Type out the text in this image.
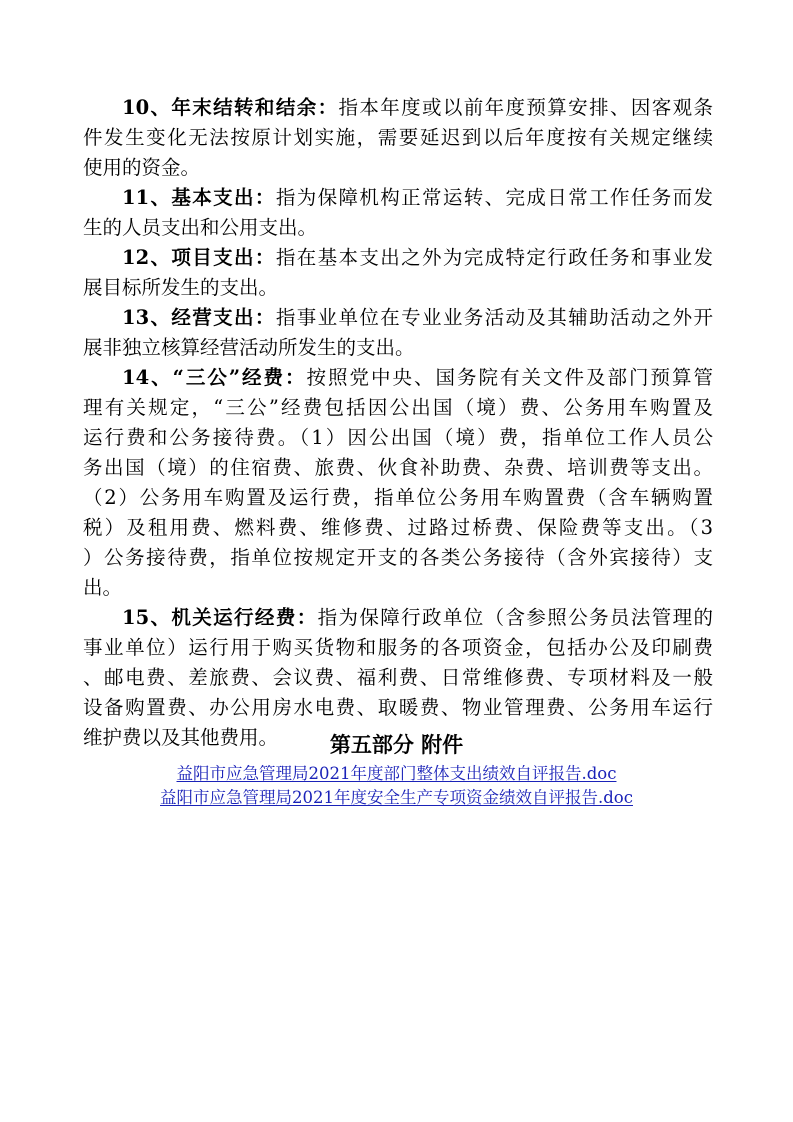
10、年末结转和结余：指本年度或以前年度预算安排、因客观条
件发生变化无法按原计划实施，需要延迟到以后年度按有关规定继续
使用的资金。
11、基本支出：指为保障机构正常运转、完成日常工作任务而发
生的人员支出和公用支出。
12、项目支出：指在基本支出之外为完成特定行政任务和事业发
展目标所发生的支出。
13、经营支出：指事业单位在专业业务活动及其辅助活动之外开
展非独立核算经营活动所发生的支出。
14、“三公”经费：按照党中央、国务院有关文件及部门预算管
理有关规定，“三公”经费包括因公出国（境）费、公务用车购置及
运行费和公务接待费。（1）因公出国（境）费，指单位工作人员公
务出国（境）的住宿费、旅费、伙食补助费、杂费、培训费等支出。
（2）公务用车购置及运行费，指单位公务用车购置费（含车辆购置
税）及租用费、燃料费、维修费、过路过桥费、保险费等支出。（3
）公务接待费，指单位按规定开支的各类公务接待（含外宾接待）支
出。
15、机关运行经费：指为保障行政单位（含参照公务员法管理的
事业单位）运行用于购买货物和服务的各项资金，包括办公及印刷费
、邮电费、差旅费、会议费、福利费、日常维修费、专项材料及一般
设备购置费、办公用房水电费、取暖费、物业管理费、公务用车运行
维护费以及其他费用。	第五部分 附件
益阳市应急管理局2021年度部门整体支出绩效自评报告.doc
益阳市应急管理局2021年度安全生产专项资金绩效自评报告.doc
